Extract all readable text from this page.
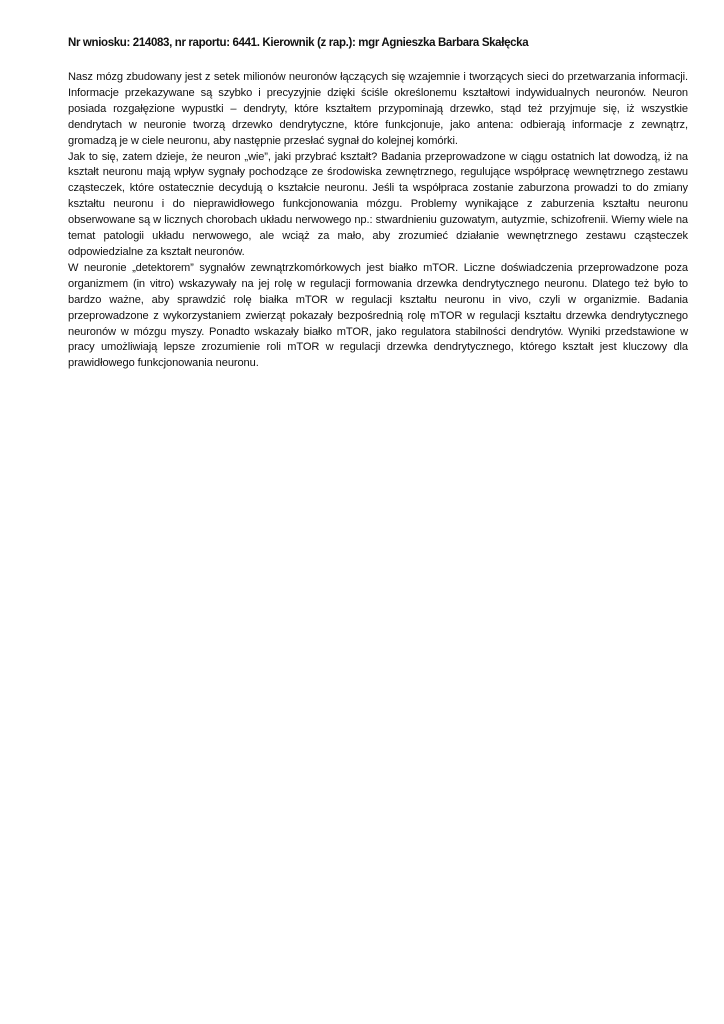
Nr wniosku: 214083, nr raportu: 6441. Kierownik (z rap.): mgr Agnieszka Barbara Skałęcka

Nasz mózg zbudowany jest z setek milionów neuronów łączących się wzajemnie i tworzących sieci do przetwarzania informacji. Informacje przekazywane są szybko i precyzyjnie dzięki ściśle określonemu kształtowi indywidualnych neuronów. Neuron posiada rozgałęzione wypustki – dendryty, które kształtem przypominają drzewko, stąd też przyjmuje się, iż wszystkie dendrytach w neuronie tworzą drzewko dendrytyczne, które funkcjonuje, jako antena: odbierają informacje z zewnątrz, gromadzą je w ciele neuronu, aby następnie przesłać sygnał do kolejnej komórki.

Jak to się, zatem dzieje, że neuron „wie”, jaki przybrać kształt? Badania przeprowadzone w ciągu ostatnich lat dowodzą, iż na kształt neuronu mają wpływ sygnały pochodzące ze środowiska zewnętrznego, regulujące współpracę wewnętrznego zestawu cząsteczek, które ostatecznie decydują o kształcie neuronu. Jeśli ta współpraca zostanie zaburzona prowadzi to do zmiany kształtu neuronu i do nieprawidłowego funkcjonowania mózgu. Problemy wynikające z zaburzenia kształtu neuronu obserwowane są w licznych chorobach układu nerwowego np.: stwardnieniu guzowatym, autyzmie, schizofrenii. Wiemy wiele na temat patologii układu nerwowego, ale wciąż za mało, aby zrozumieć działanie wewnętrznego zestawu cząsteczek odpowiedzialne za kształt neuronów.

W neuronie „detektorem” sygnałów zewnątrzkomórkowych jest białko mTOR. Liczne doświadczenia przeprowadzone poza organizmem (in vitro) wskazywały na jej rolę w regulacji formowania drzewka dendrytycznego neuronu. Dlatego też było to bardzo ważne, aby sprawdzić rolę białka mTOR w regulacji kształtu neuronu in vivo, czyli w organizmie. Badania przeprowadzone z wykorzystaniem zwierząt pokazały bezpośrednią rolę mTOR w regulacji kształtu drzewka dendrytycznego neuronów w mózgu myszy. Ponadto wskazały białko mTOR, jako regulatora stabilności dendrytów. Wyniki przedstawione w pracy umożliwiają lepsze zrozumienie roli mTOR w regulacji drzewka dendrytycznego, którego kształt jest kluczowy dla prawidłowego funkcjonowania neuronu.
